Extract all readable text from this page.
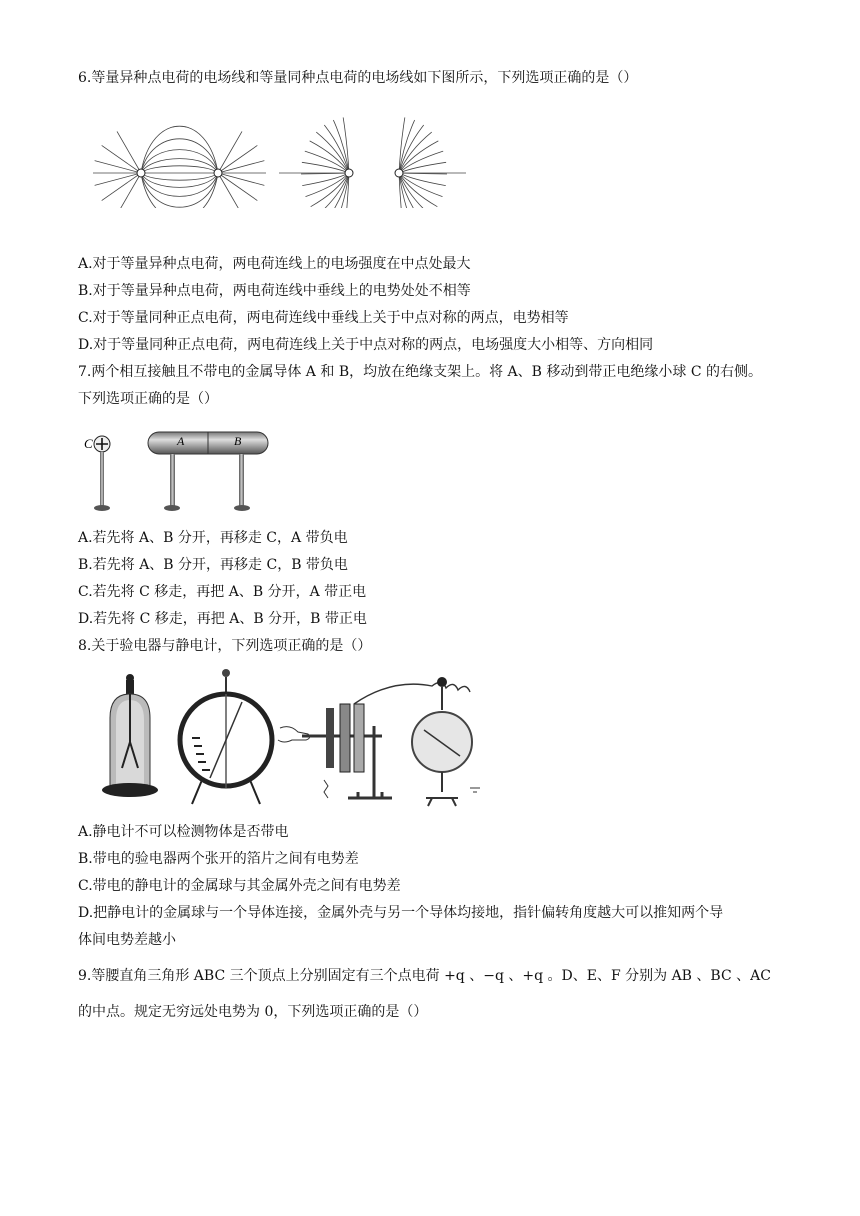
6.等量异种点电荷的电场线和等量同种点电荷的电场线如下图所示，下列选项正确的是（）
A.对于等量异种点电荷，两电荷连线上的电场强度在中点处最大
B.对于等量异种点电荷，两电荷连线中垂线上的电势处处不相等
C.对于等量同种正点电荷，两电荷连线中垂线上关于中点对称的两点，电势相等
D.对于等量同种正点电荷，两电荷连线上关于中点对称的两点，电场强度大小相等、方向相同
7.两个相互接触且不带电的金属导体 A 和 B，均放在绝缘支架上。将 A、B 移动到带正电绝缘小球 C 的右侧。
下列选项正确的是（）
C	A	B
A.若先将 A、B 分开，再移走 C，A 带负电
B.若先将 A、B 分开，再移走 C，B 带负电
C.若先将 C 移走，再把 A、B 分开，A 带正电
D.若先将 C 移走，再把 A、B 分开，B 带正电
8.关于验电器与静电计，下列选项正确的是（）
A.静电计不可以检测物体是否带电
B.带电的验电器两个张开的箔片之间有电势差
C.带电的静电计的金属球与其金属外壳之间有电势差
D.把静电计的金属球与一个导体连接，金属外壳与另一个导体均接地，指针偏转角度越大可以推知两个导
体间电势差越小
9.等腰直角三角形 ABC 三个顶点上分别固定有三个点电荷 +q 、−q 、+q 。D、E、F 分别为 AB 、BC 、AC
的中点。规定无穷远处电势为 0，下列选项正确的是（）
